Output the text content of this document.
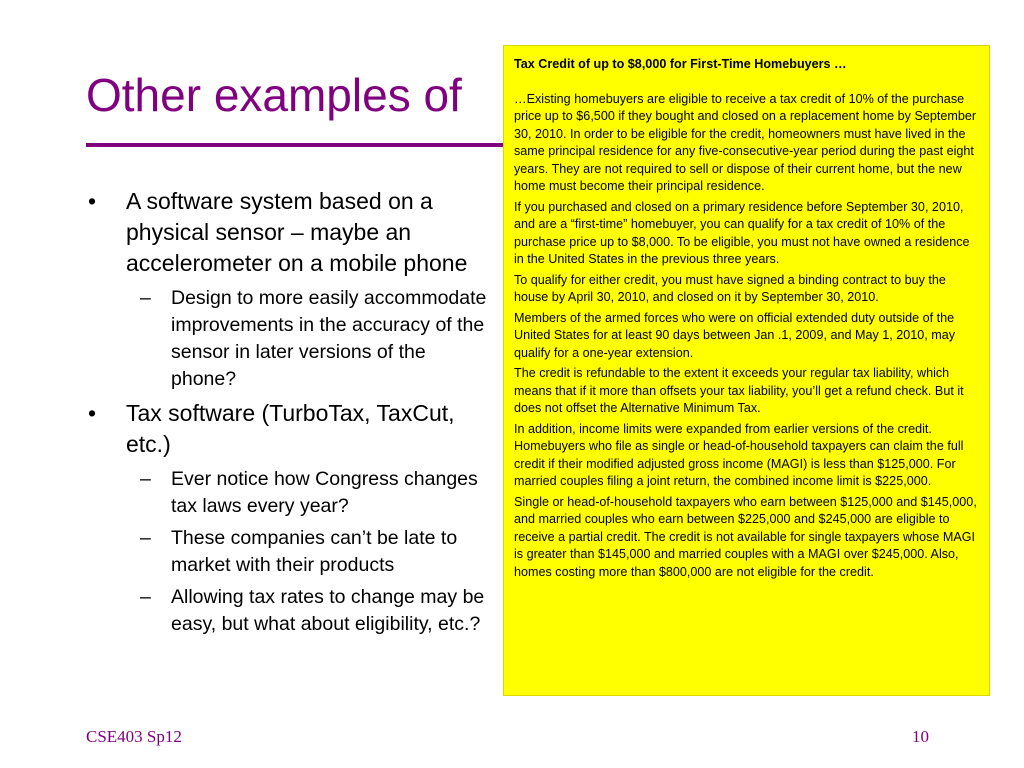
Other examples of
• A software system based on a physical sensor – maybe an accelerometer on a mobile phone
– Design to more easily accommodate improvements in the accuracy of the sensor in later versions of the phone?
• Tax software (TurboTax, TaxCut, etc.)
– Ever notice how Congress changes tax laws every year?
– These companies can’t be late to market with their products
– Allowing tax rates to change may be easy, but what about eligibility, etc.?
Tax Credit of up to $8,000 for First-Time Homebuyers …

…Existing homebuyers are eligible to receive a tax credit of 10% of the purchase price up to $6,500 if they bought and closed on a replacement home by September 30, 2010. In order to be eligible for the credit, homeowners must have lived in the same principal residence for any five-consecutive-year period during the past eight years. They are not required to sell or dispose of their current home, but the new home must become their principal residence.

If you purchased and closed on a primary residence before September 30, 2010, and are a “first-time” homebuyer, you can qualify for a tax credit of 10% of the purchase price up to $8,000. To be eligible, you must not have owned a residence in the United States in the previous three years.

To qualify for either credit, you must have signed a binding contract to buy the house by April 30, 2010, and closed on it by September 30, 2010.

Members of the armed forces who were on official extended duty outside of the United States for at least 90 days between Jan .1, 2009, and May 1, 2010, may qualify for a one-year extension.

The credit is refundable to the extent it exceeds your regular tax liability, which means that if it more than offsets your tax liability, you’ll get a refund check. But it does not offset the Alternative Minimum Tax.

In addition, income limits were expanded from earlier versions of the credit. Homebuyers who file as single or head-of-household taxpayers can claim the full credit if their modified adjusted gross income (MAGI) is less than $125,000. For married couples filing a joint return, the combined income limit is $225,000.

Single or head-of-household taxpayers who earn between $125,000 and $145,000, and married couples who earn between $225,000 and $245,000 are eligible to receive a partial credit. The credit is not available for single taxpayers whose MAGI is greater than $145,000 and married couples with a MAGI over $245,000. Also, homes costing more than $800,000 are not eligible for the credit.

CSE403 Sp12	10
